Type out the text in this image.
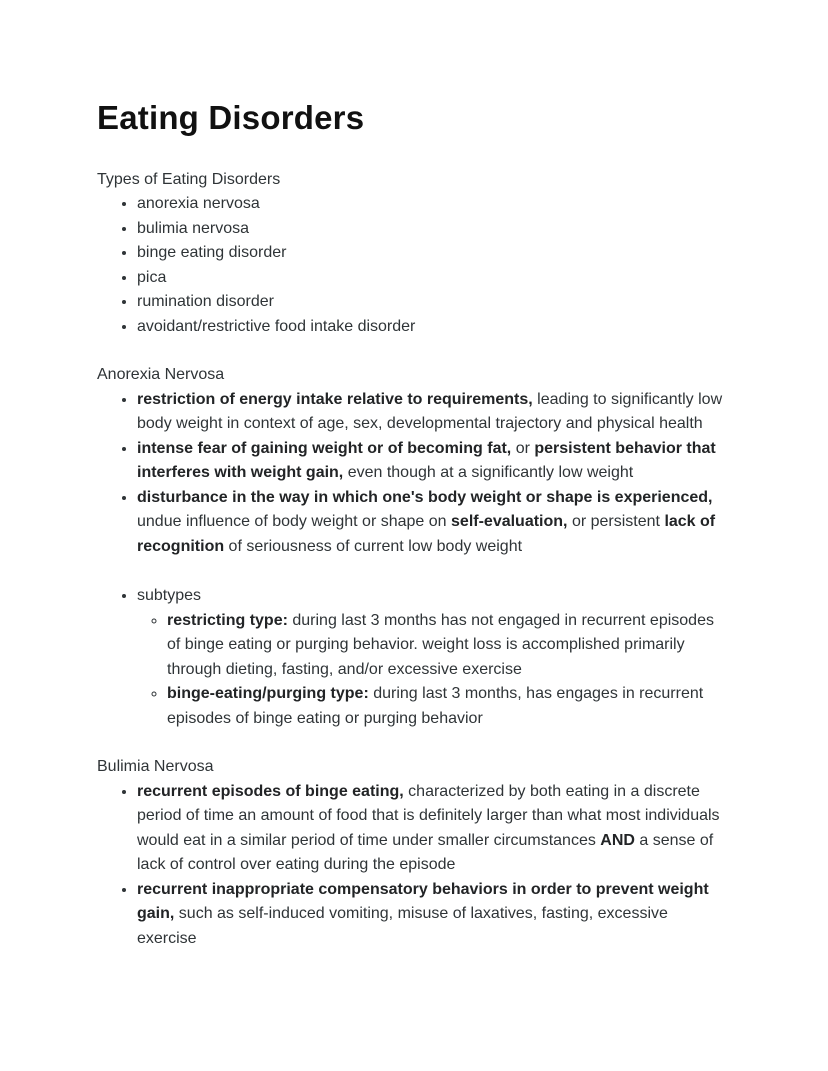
Eating Disorders

Types of Eating Disorders

• anorexia nervosa
• bulimia nervosa
• binge eating disorder
• pica
• rumination disorder
• avoidant/restrictive food intake disorder

Anorexia Nervosa

• restriction of energy intake relative to requirements, leading to significantly low body weight in context of age, sex, developmental trajectory and physical health
• intense fear of gaining weight or of becoming fat, or persistent behavior that interferes with weight gain, even though at a significantly low weight
• disturbance in the way in which one's body weight or shape is experienced, undue influence of body weight or shape on self-evaluation, or persistent lack of recognition of seriousness of current low body weight
• subtypes
◦ restricting type: during last 3 months has not engaged in recurrent episodes of binge eating or purging behavior. weight loss is accomplished primarily through dieting, fasting, and/or excessive exercise
◦ binge-eating/purging type: during last 3 months, has engages in recurrent episodes of binge eating or purging behavior

Bulimia Nervosa

• recurrent episodes of binge eating, characterized by both eating in a discrete period of time an amount of food that is definitely larger than what most individuals would eat in a similar period of time under smaller circumstances AND a sense of lack of control over eating during the episode
• recurrent inappropriate compensatory behaviors in order to prevent weight gain, such as self-induced vomiting, misuse of laxatives, fasting, excessive exercise
